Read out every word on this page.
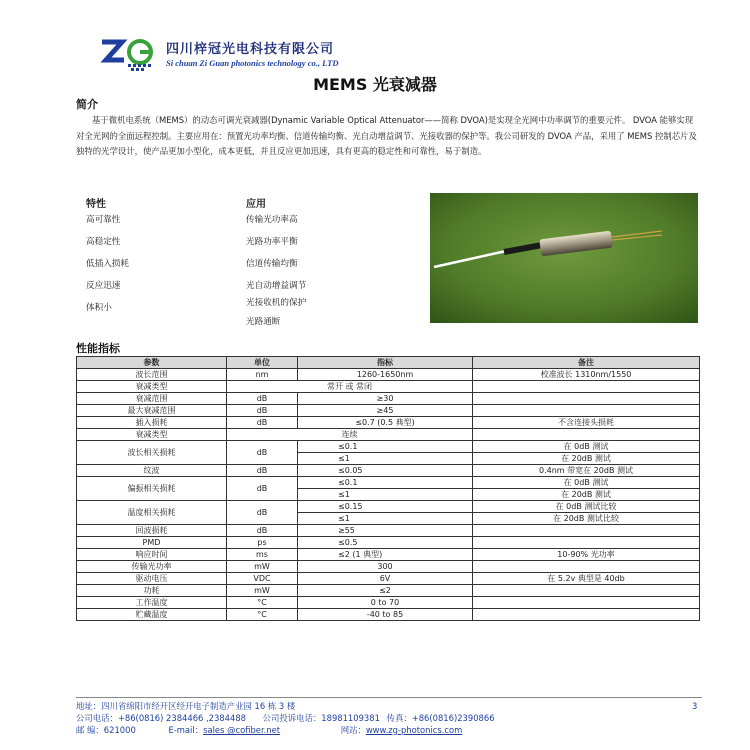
四川梓冠光电科技有限公司
Si chuan Zi Guan photonics technology co., LTD
MEMS 光衰减器
简介
基于微机电系统（MEMS）的动态可调光衰减器(Dynamic Variable Optical Attenuator——简称 DVOA)是实现全光网中功率调节的重要元件。 DVOA 能够实现对全光网的全面远程控制。主要应用在：预置光功率均衡、信道传输均衡、光自动增益调节、光接收器的保护等。我公司研发的 DVOA 产品，采用了 MEMS 控制芯片及独特的光学设计，使产品更加小型化，成本更低，并且反应更加迅速，具有更高的稳定性和可靠性，易于制造。
特性	应用
高可靠性
高稳定性
低插入损耗
反应迅速
体积小
传输光功率高
光路功率平衡
信道传输均衡
光自动增益调节
光接收机的保护
光路通断
性能指标
参数	单位	指标	备注
波长范围	nm	1260-1650nm	校准波长 1310nm/1550
衰减类型	常开 或 常闭		
衰减范围	dB	≥30	
最大衰减范围	dB	≥45	
插入损耗	dB	≤0.7 (0.5 典型)	不含连接头损耗
衰减类型	连续		
波长相关损耗	dB	≤0.1	在 0dB 测试
		≤1	在 20dB 测试
纹波	dB	≤0.05	0.4nm 带宽在 20dB 测试
偏振相关损耗	dB	≤0.1	在 0dB 测试
		≤1	在 20dB 测试
温度相关损耗	dB	≤0.15	在 0dB 测试比较
		≤1	在 20dB 测试比较
回波损耗	dB	≥55	
PMD	ps	≤0.5	
响应时间	ms	≤2 (1 典型)	10-90% 光功率
传输光功率	mW	300	
驱动电压	VDC	6V	在 5.2v 典型是 40db
功耗	mW	≤2	
工作温度	°C	0 to 70	
贮藏温度	°C	-40 to 85	
地址：四川省绵阳市经开区经开电子制造产业园 16 栋 3 楼	3
公司电话：+86(0816) 2384466 ,2384488 公司投诉电话：18981109381 传真：+86(0816)2390866
邮 编：621000	E-mail：sales @cofiber.net	网站：www.zg-photonics.com
